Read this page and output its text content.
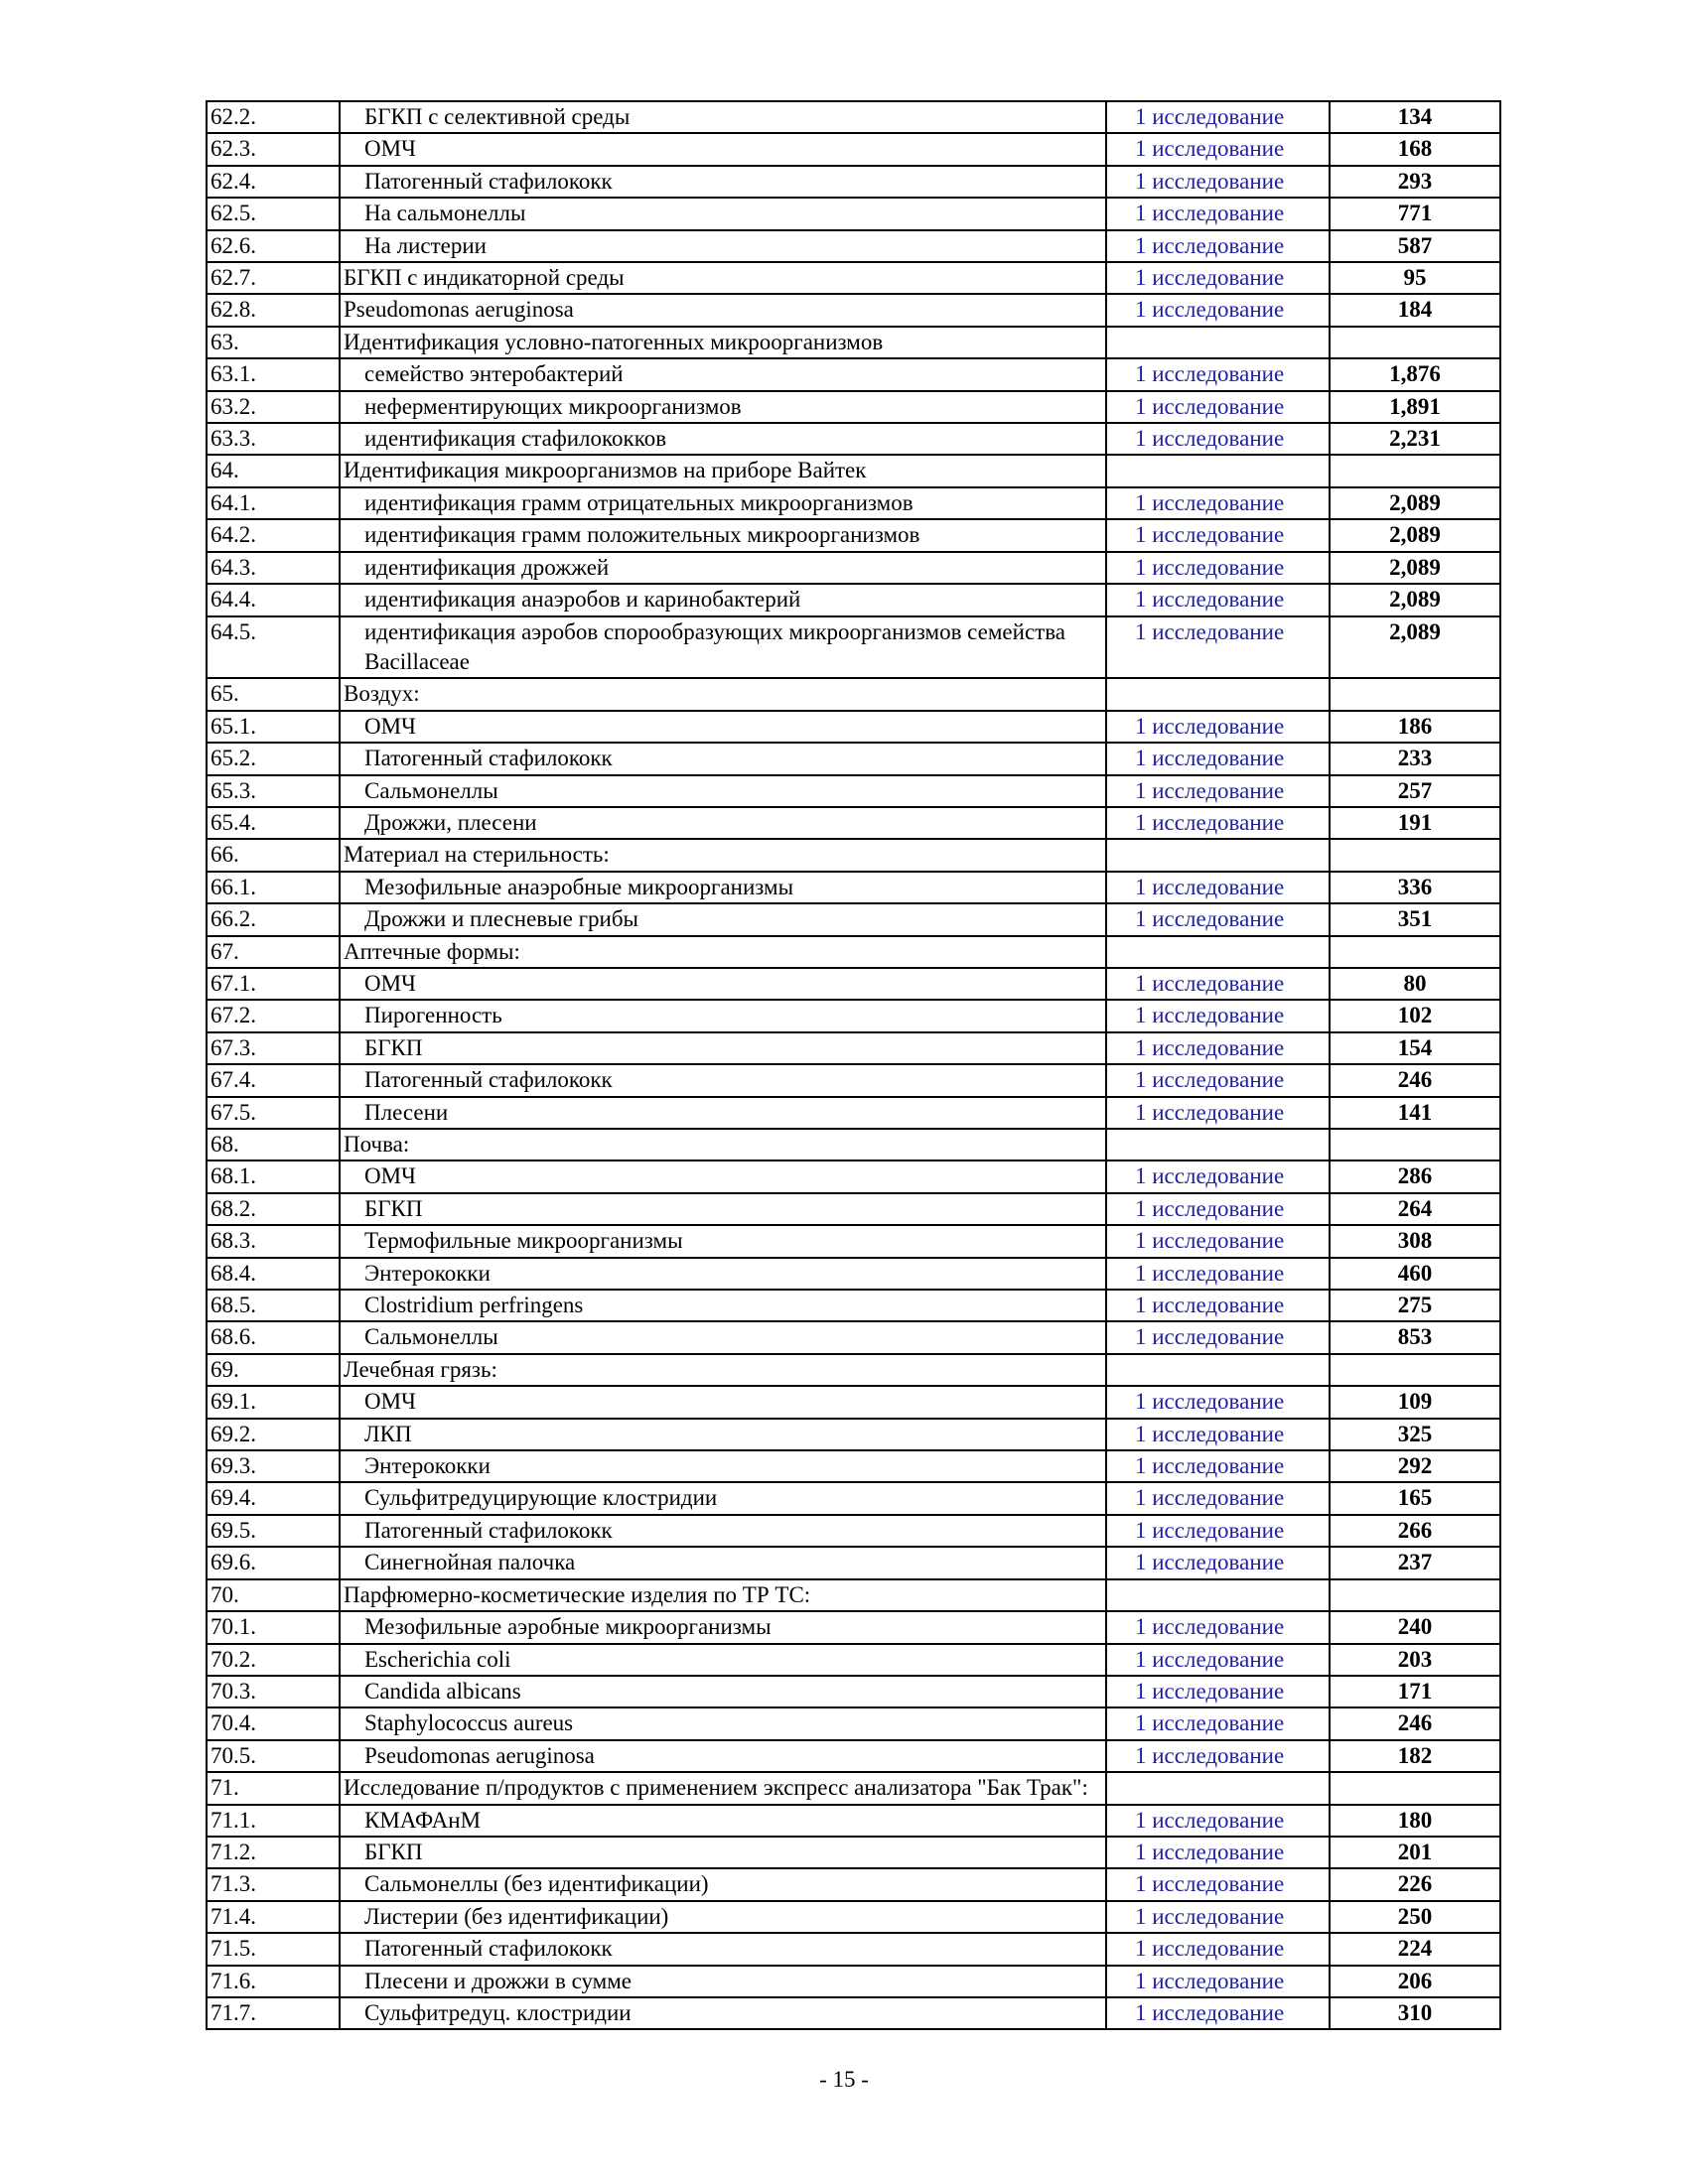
62.2.	БГКП с селективной среды	1 исследование	134
62.3.	ОМЧ	1 исследование	168
62.4.	Патогенный стафилококк	1 исследование	293
62.5.	На сальмонеллы	1 исследование	771
62.6.	На листерии	1 исследование	587
62.7.	БГКП с индикаторной среды	1 исследование	95
62.8.	Pseudomonas aeruginosa	1 исследование	184
63.	Идентификация условно-патогенных микроорганизмов		
63.1.	семейство энтеробактерий	1 исследование	1,876
63.2.	неферментирующих микроорганизмов	1 исследование	1,891
63.3.	идентификация стафилококков	1 исследование	2,231
64.	Идентификация микроорганизмов на приборе Вайтек		
64.1.	идентификация грамм отрицательных микроорганизмов	1 исследование	2,089
64.2.	идентификация грамм положительных микроорганизмов	1 исследование	2,089
64.3.	идентификация дрожжей	1 исследование	2,089
64.4.	идентификация анаэробов и каринобактерий	1 исследование	2,089
64.5.	идентификация аэробов спорообразующих микроорганизмов семейства Bacillaceae	1 исследование	2,089
65.	Воздух:		
65.1.	ОМЧ	1 исследование	186
65.2.	Патогенный стафилококк	1 исследование	233
65.3.	Сальмонеллы	1 исследование	257
65.4.	Дрожжи, плесени	1 исследование	191
66.	Материал на стерильность:		
66.1.	Мезофильные анаэробные микроорганизмы	1 исследование	336
66.2.	Дрожжи и плесневые грибы	1 исследование	351
67.	Аптечные формы:		
67.1.	ОМЧ	1 исследование	80
67.2.	Пирогенность	1 исследование	102
67.3.	БГКП	1 исследование	154
67.4.	Патогенный стафилококк	1 исследование	246
67.5.	Плесени	1 исследование	141
68.	Почва:		
68.1.	ОМЧ	1 исследование	286
68.2.	БГКП	1 исследование	264
68.3.	Термофильные микроорганизмы	1 исследование	308
68.4.	Энтерококки	1 исследование	460
68.5.	Clostridium perfringens	1 исследование	275
68.6.	Сальмонеллы	1 исследование	853
69.	Лечебная грязь:		
69.1.	ОМЧ	1 исследование	109
69.2.	ЛКП	1 исследование	325
69.3.	Энтерококки	1 исследование	292
69.4.	Сульфитредуцирующие клостридии	1 исследование	165
69.5.	Патогенный стафилококк	1 исследование	266
69.6.	Синегнойная палочка	1 исследование	237
70.	Парфюмерно-косметические изделия по ТР ТС:		
70.1.	Мезофильные аэробные микроорганизмы	1 исследование	240
70.2.	Escherichia coli	1 исследование	203
70.3.	Candida albicans	1 исследование	171
70.4.	Staphylococcus aureus	1 исследование	246
70.5.	Pseudomonas aeruginosa	1 исследование	182
71.	Исследование п/продуктов с применением экспресс анализатора "Бак Трак":		
71.1.	КМАФАнМ	1 исследование	180
71.2.	БГКП	1 исследование	201
71.3.	Сальмонеллы (без идентификации)	1 исследование	226
71.4.	Листерии (без идентификации)	1 исследование	250
71.5.	Патогенный стафилококк	1 исследование	224
71.6.	Плесени и дрожжи в сумме	1 исследование	206
71.7.	Сульфитредуц. клостридии	1 исследование	310
- 15 -
